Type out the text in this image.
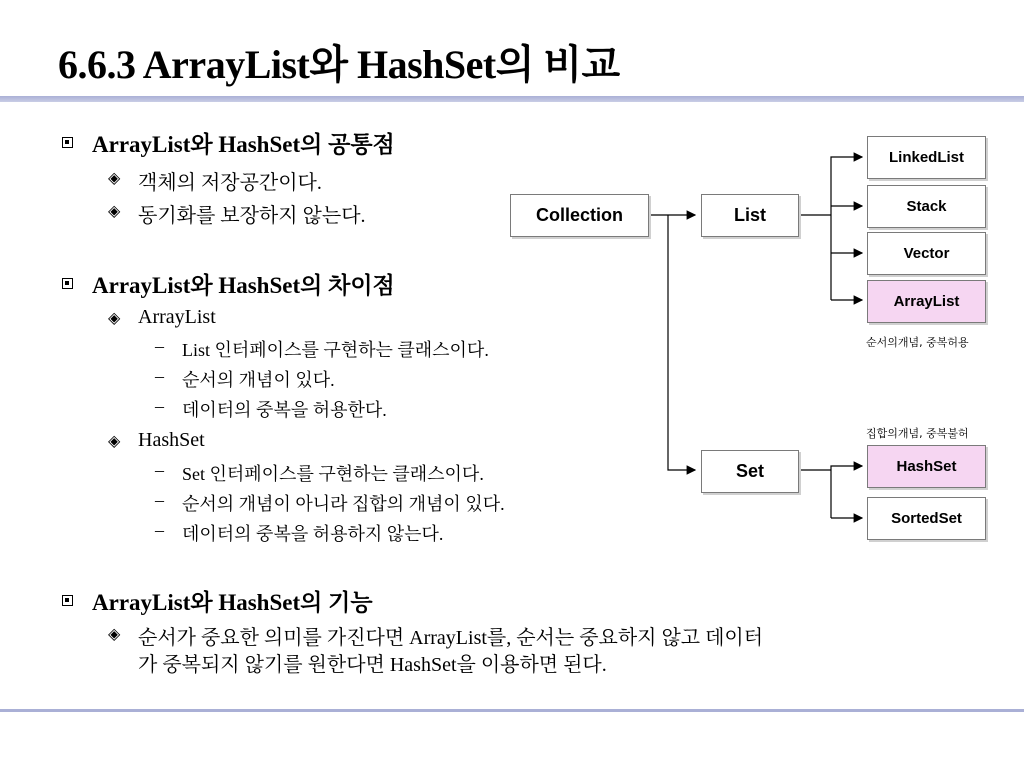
6.6.3 ArrayList와 HashSet의 비교
ArrayList와 HashSet의 공통점
◈ 객체의 저장공간이다.
◈ 동기화를 보장하지 않는다.
ArrayList와 HashSet의 차이점
◈ ArrayList
– List 인터페이스를 구현하는 클래스이다.
– 순서의 개념이 있다.
– 데이터의 중복을 허용한다.
◈ HashSet
– Set 인터페이스를 구현하는 클래스이다.
– 순서의 개념이 아니라 집합의 개념이 있다.
– 데이터의 중복을 허용하지 않는다.
ArrayList와 HashSet의 기능
◈ 순서가 중요한 의미를 가진다면 ArrayList를, 순서는 중요하지 않고 데이터
가 중복되지 않기를 원한다면 HashSet을 이용하면 된다.
Collection	List
Set
LinkedList
Stack
Vector
ArrayList
순서의개념, 중복허용
집합의개념, 중복불허
HashSet
SortedSet
